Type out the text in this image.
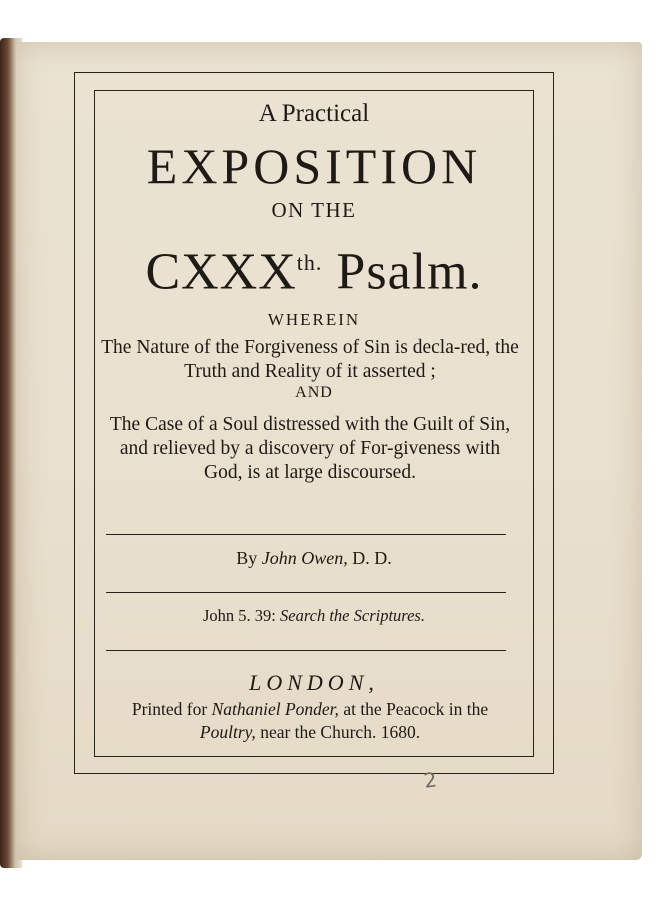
A Practical
EXPOSITION
ON THE
$CXXX^{th.}$ Psalm.
WHEREIN
The Nature of the Forgiveness of Sin is decla-red, the Truth and Reality of it asserted ;
AND
The Case of a Soul distressed with the Guilt of Sin, and relieved by a discovery of For-giveness with God, is at large discoursed.
By John Owen, D. D.
John 5. 39: Search the Scriptures.
LONDON,
Printed for Nathaniel Ponder, at the Peacock in the
Poultry, near the Church. 1680.
2
